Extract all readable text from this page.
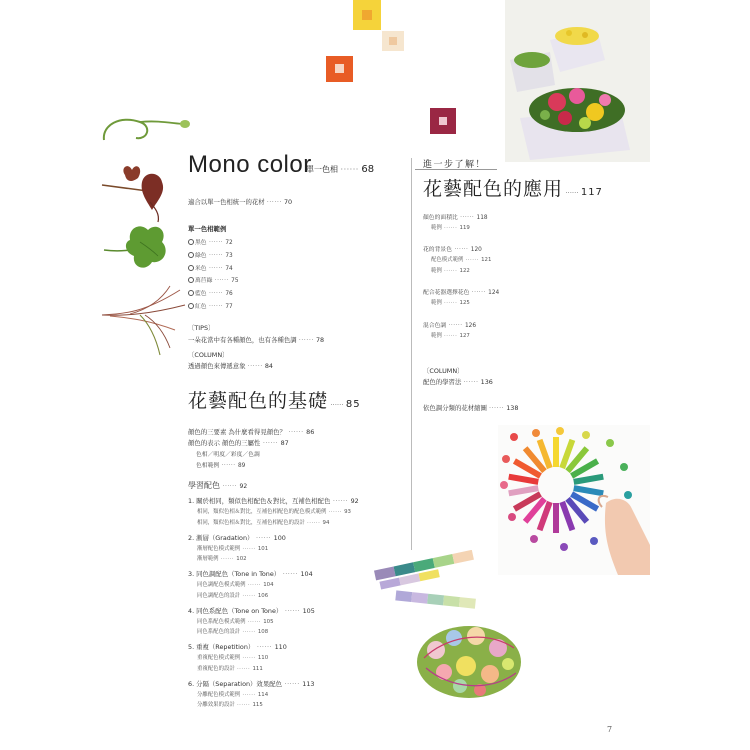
Mono color
單一色相 ······ 68
適合以單一色相統一的花材 ······ 70
單一色相範例
黑色 ······ 72
綠色 ······ 73
米色 ······ 74
萬苣綠 ······ 75
藍色 ······ 76
紅色 ······ 77
〔TIPS〕
一朵花當中有各種顏色，也有各種色調 ······ 78
〔COLUMN〕
透過顏色來傳遞意象 ······ 84
花藝配色的基礎 ······ 85
顏色的三要素 為什麼看得見顏色？ ······ 86
顏色的表示 顏色的三屬性 ······ 87
色相／明度／彩度／色調
色相範例 ······ 89
學習配色 ······ 92
1. 關於相同，類似色相配色＆對比，互補色相配色 ······ 92
相同，類似色相＆對比，互補色相配色的配色模式範例 ······ 93
相同，類似色相＆對比，互補色相配色的設計 ······ 94
2. 漸層（Gradation） ······ 100
漸層配色模式範例 ······ 101
漸層範例 ······ 102
3. 同色調配色（Tone in Tone） ······ 104
同色調配色模式範例 ······ 104
同色調配色的設計 ······ 106
4. 同色系配色（Tone on Tone） ······ 105
同色系配色模式範例 ······ 105
同色系配色的設計 ······ 108
5. 重複（Repetition） ······ 110
重複配色模式範例 ······ 110
重複配色的設計 ······ 111
6. 分隔（Separation）效果配色 ······ 113
分離配色模式範例 ······ 114
分離效果的設計 ······ 115
進一步了解！
花藝配色的應用 ······ 117
顏色的面積比 ······ 118
範例 ······ 119
花的背景色 ······ 120
配色模式範例 ······ 121
範例 ······ 122
配合花器選擇花色 ······ 124
範例 ······ 125
混合色調 ······ 126
範例 ······ 127
〔COLUMN〕
配色的學習法 ······ 136
依色調分類的花材縮圖 ······ 138
7
